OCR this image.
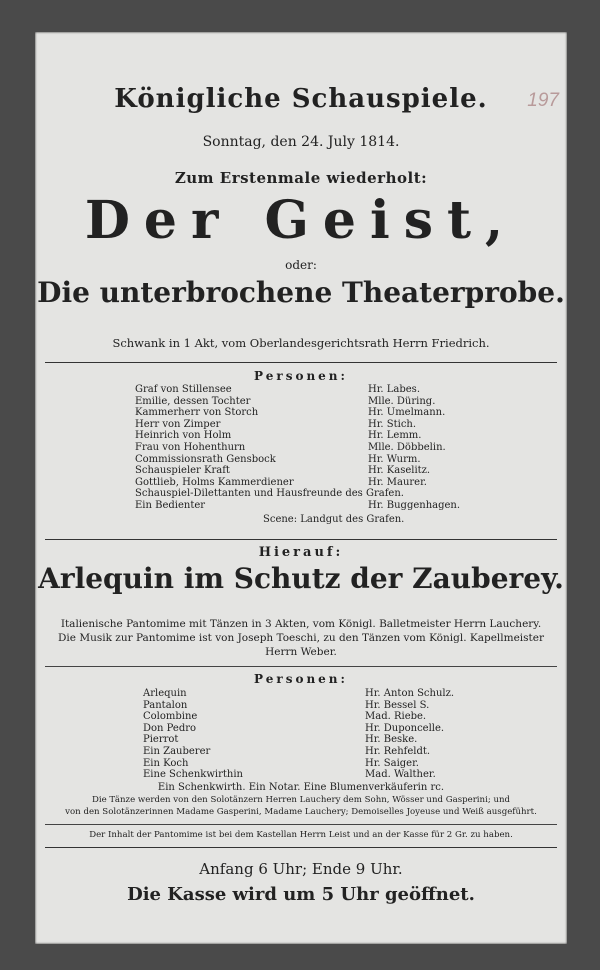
197
Königliche Schauspiele.
Sonntag, den 24. July 1814.
Zum Erstenmale wiederholt:
Der Geist,
oder:
Die unterbrochene Theaterprobe.
Schwank in 1 Akt, vom Oberlandesgerichtsrath Herrn Friedrich.
Personen:
Graf von Stillensee
Emilie, dessen Tochter
Kammerherr von Storch
Herr von Zimper
Heinrich von Holm
Frau von Hohenthurn
Commissionsrath Gensbock
Schauspieler Kraft
Gottlieb, Holms Kammerdiener
Schauspiel-Dilettanten und Hausfreunde des Grafen.
Ein Bedienter
Hr. Labes.
Mlle. Düring.
Hr. Umelmann.
Hr. Stich.
Hr. Lemm.
Mlle. Döbbelin.
Hr. Wurm.
Hr. Kaselitz.
Hr. Maurer.
Hr. Buggenhagen.
Scene: Landgut des Grafen.
Hierauf:
Arlequin im Schutz der Zauberey.
Italienische Pantomime mit Tänzen in 3 Akten, vom Königl. Balletmeister Herrn Lauchery.
Die Musik zur Pantomime ist von Joseph Toeschi, zu den Tänzen vom Königl. Kapellmeister
Herrn Weber.
Personen:
Arlequin
Pantalon
Colombine
Don Pedro
Pierrot
Ein Zauberer
Ein Koch
Eine Schenkwirthin
Hr. Anton Schulz.
Hr. Bessel S.
Mad. Riebe.
Hr. Duponcelle.
Hr. Beske.
Hr. Rehfeldt.
Hr. Saiger.
Mad. Walther.
Ein Schenkwirth. Ein Notar. Eine Blumenverkäuferin rc.
Die Tänze werden von den Solotänzern Herren Lauchery dem Sohn, Wösser und Gasperini; und
von den Solotänzerinnen Madame Gasperini, Madame Lauchery; Demoiselles Joyeuse und Weiß ausgeführt.
Der Inhalt der Pantomime ist bei dem Kastellan Herrn Leist und an der Kasse für 2 Gr. zu haben.
Anfang 6 Uhr; Ende 9 Uhr.
Die Kasse wird um 5 Uhr geöffnet.
